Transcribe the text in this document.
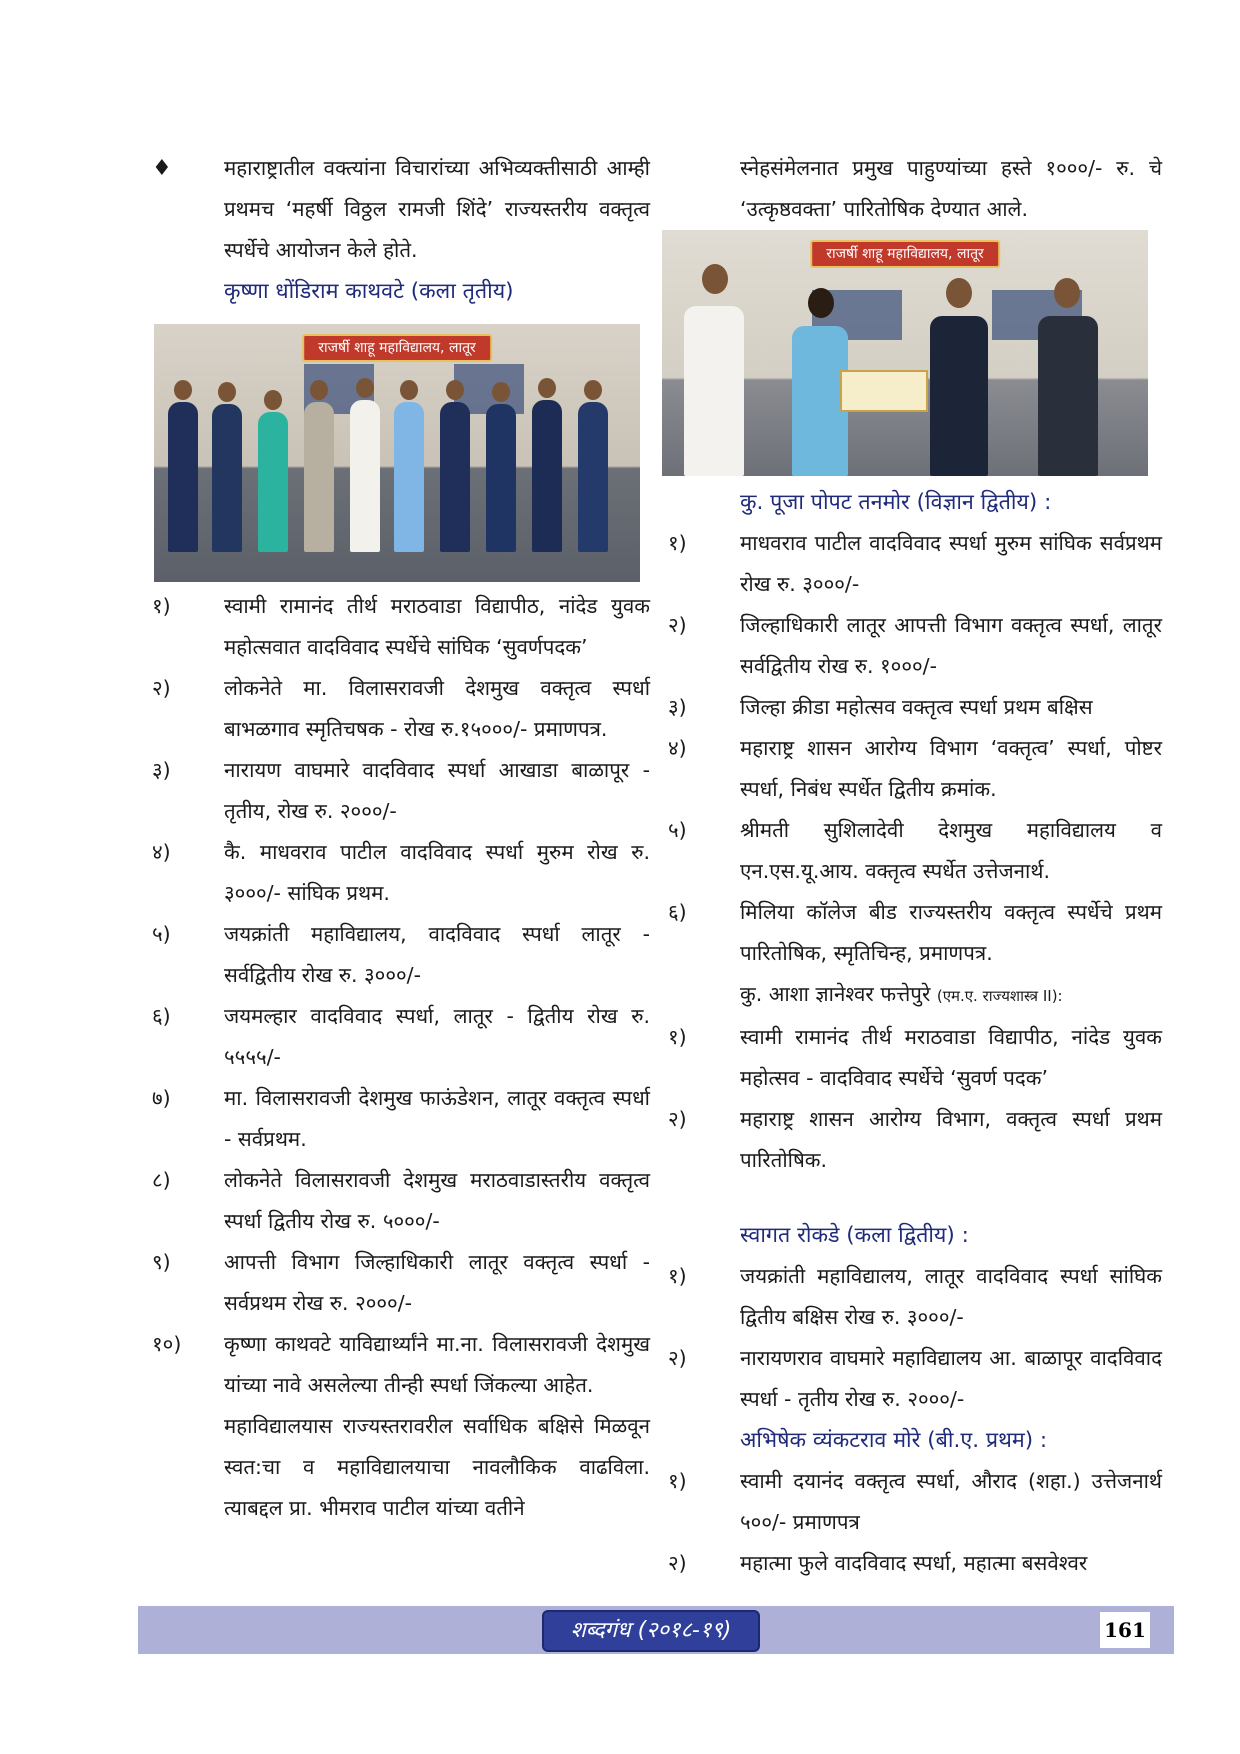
♦	महाराष्ट्रातील वक्त्यांना विचारांच्या अभिव्यक्तीसाठी आम्ही प्रथमच ‘महर्षी विठ्ठल रामजी शिंदे’ राज्यस्तरीय वक्तृत्व स्पर्धेचे आयोजन केले होते.
कृष्णा धोंडिराम काथवटे (कला तृतीय)
राजर्षी शाहू महाविद्यालय, लातूर
१)	स्वामी रामानंद तीर्थ मराठवाडा विद्यापीठ, नांदेड युवक महोत्सवात वादविवाद स्पर्धेचे सांघिक ‘सुवर्णपदक’
२)	लोकनेते मा. विलासरावजी देशमुख वक्तृत्व स्पर्धा बाभळगाव स्मृतिचषक - रोख रु.१५०००/- प्रमाणपत्र.
३)	नारायण वाघमारे वादविवाद स्पर्धा आखाडा बाळापूर - तृतीय, रोख रु. २०००/-
४)	कै. माधवराव पाटील वादविवाद स्पर्धा मुरुम रोख रु. ३०००/- सांघिक प्रथम.
५)	जयक्रांती महाविद्यालय, वादविवाद स्पर्धा लातूर - सर्वद्वितीय रोख रु. ३०००/-
६)	जयमल्हार वादविवाद स्पर्धा, लातूर - द्वितीय रोख रु. ५५५५/-
७)	मा. विलासरावजी देशमुख फाऊंडेशन, लातूर वक्तृत्व स्पर्धा - सर्वप्रथम.
८)	लोकनेते विलासरावजी देशमुख मराठवाडास्तरीय वक्तृत्व स्पर्धा द्वितीय रोख रु. ५०००/-
९)	आपत्ती विभाग जिल्हाधिकारी लातूर वक्तृत्व स्पर्धा - सर्वप्रथम रोख रु. २०००/-
१०)	कृष्णा काथवटे याविद्यार्थ्यांने मा.ना. विलासरावजी देशमुख यांच्या नावे असलेल्या तीन्ही स्पर्धा जिंकल्या आहेत.
महाविद्यालयास राज्यस्तरावरील सर्वाधिक बक्षिसे मिळवून स्वत:चा व महाविद्यालयाचा नावलौकिक वाढविला. त्याबद्दल प्रा. भीमराव पाटील यांच्या वतीने
स्नेहसंमेलनात प्रमुख पाहुण्यांच्या हस्ते १०००/- रु. चे ‘उत्कृष्ठवक्ता’ पारितोषिक देण्यात आले.
राजर्षी शाहू महाविद्यालय, लातूर
कु. पूजा पोपट तनमोर (विज्ञान द्वितीय) :
१)	माधवराव पाटील वादविवाद स्पर्धा मुरुम सांघिक सर्वप्रथम रोख रु. ३०००/-
२)	जिल्हाधिकारी लातूर आपत्ती विभाग वक्तृत्व स्पर्धा, लातूर सर्वद्वितीय रोख रु. १०००/-
३)	जिल्हा क्रीडा महोत्सव वक्तृत्व स्पर्धा प्रथम बक्षिस
४)	महाराष्ट्र शासन आरोग्य विभाग ‘वक्तृत्व’ स्पर्धा, पोष्टर स्पर्धा, निबंध स्पर्धेत द्वितीय क्रमांक.
५)	श्रीमती सुशिलादेवी देशमुख महाविद्यालय व एन.एस.यू.आय. वक्तृत्व स्पर्धेत उत्तेजनार्थ.
६)	मिलिया कॉलेज बीड राज्यस्तरीय वक्तृत्व स्पर्धेचे प्रथम पारितोषिक, स्मृतिचिन्ह, प्रमाणपत्र.
कु. आशा ज्ञानेश्वर फत्तेपुरे (एम.ए. राज्यशास्त्र II):
१)	स्वामी रामानंद तीर्थ मराठवाडा विद्यापीठ, नांदेड युवक महोत्सव - वादविवाद स्पर्धेचे ‘सुवर्ण पदक’
२)	महाराष्ट्र शासन आरोग्य विभाग, वक्तृत्व स्पर्धा प्रथम पारितोषिक.
स्वागत रोकडे (कला द्वितीय) :
१)	जयक्रांती महाविद्यालय, लातूर वादविवाद स्पर्धा सांघिक द्वितीय बक्षिस रोख रु. ३०००/-
२)	नारायणराव वाघमारे महाविद्यालय आ. बाळापूर वादविवाद स्पर्धा - तृतीय रोख रु. २०००/-
अभिषेक व्यंकटराव मोरे (बी.ए. प्रथम) :
१)	स्वामी दयानंद वक्तृत्व स्पर्धा, औराद (शहा.) उत्तेजनार्थ ५००/- प्रमाणपत्र
२)	महात्मा फुले वादविवाद स्पर्धा, महात्मा बसवेश्वर
शब्दगंध (२०१८-१९)	161
